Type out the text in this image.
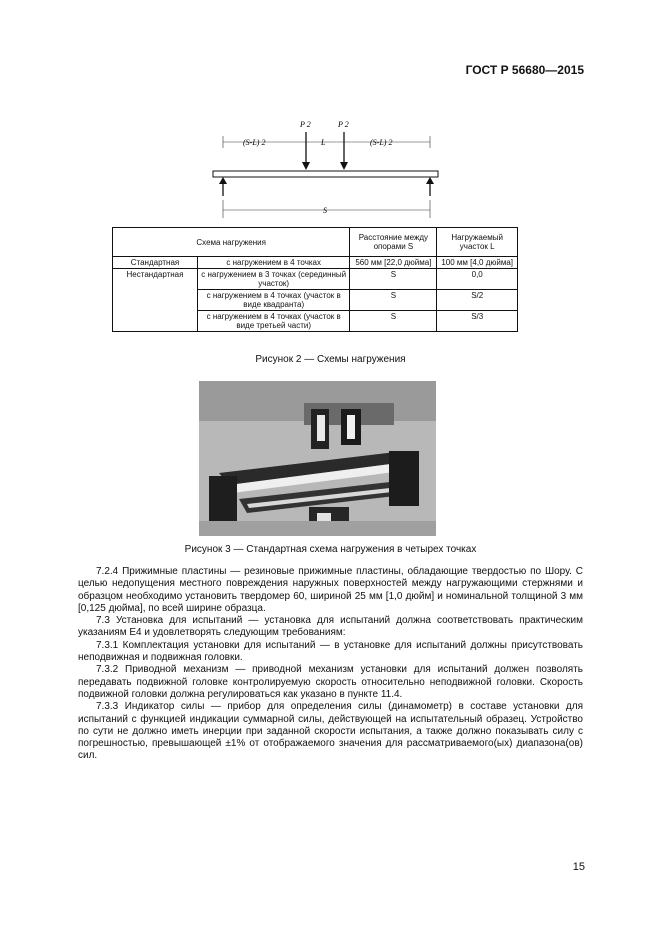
ГОСТ Р 56680—2015
(S-L) 2	L	(S-L) 2
P 2	P 2
S
Схема нагружения		Расстояние между опорами S	Нагружаемый участок L
Стандартная	с нагружением в 4 точках	560 мм [22,0 дюйма]	100 мм [4,0 дюйма]
Нестандартная	с нагружением в 3 точках (серединный участок)	S	0,0
	с нагружением в 4 точках (участок в виде квадранта)	S	S/2
	с нагружением в 4 точках (участок в виде третьей части)	S	S/3
Рисунок 2 — Схемы нагружения
Рисунок 3 — Стандартная схема нагружения в четырех точках

7.2.4 Прижимные пластины — резиновые прижимные пластины, обладающие твердостью по Шору. С целью недопущения местного повреждения наружных поверхностей между нагружающими стержнями и образцом необходимо установить твердомер 60, шириной 25 мм [1,0 дюйм] и номинальной толщиной 3 мм [0,125 дюйма], по всей ширине образца.

7.3 Установка для испытаний — установка для испытаний должна соответствовать практическим указаниям Е4 и удовлетворять следующим требованиям:

7.3.1 Комплектация установки для испытаний — в установке для испытаний должны присутствовать неподвижная и подвижная головки.

7.3.2 Приводной механизм — приводной механизм установки для испытаний должен позволять передавать подвижной головке контролируемую скорость относительно неподвижной головки. Скорость подвижной головки должна регулироваться как указано в пункте 11.4.

7.3.3 Индикатор силы — прибор для определения силы (динамометр) в составе установки для испытаний с функцией индикации суммарной силы, действующей на испытательный образец. Устройство по сути не должно иметь инерции при заданной скорости испытания, а также должно показывать силу с погрешностью, превышающей ±1% от отображаемого значения для рассматриваемого(ых) диапазона(ов) сил.

15
